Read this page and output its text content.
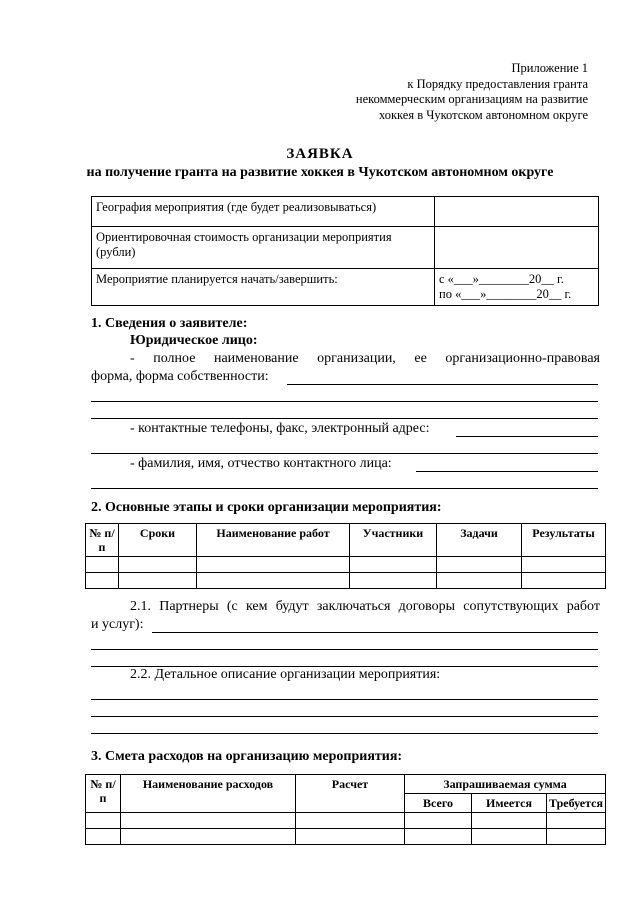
Приложение 1
к Порядку предоставления гранта
некоммерческим организациям на развитие
хоккея в Чукотском автономном округе
ЗАЯВКА
на получение гранта на развитие хоккея в Чукотском автономном округе
География мероприятия (где будет реализовываться)	
Ориентировочная стоимость организации мероприятия (рубли)	
Мероприятие планируется начать/завершить:	с «___»________20__ г.
по «___»________20__ г.
1. Сведения о заявителе:
Юридическое лицо:
- полное наименование организации, ее организационно-правовая
форма, форма собственности:
- контактные телефоны, факс, электронный адрес:
- фамилия, имя, отчество контактного лица:
2. Основные этапы и сроки организации мероприятия:
№ п/п	Сроки	Наименование работ	Участники	Задачи	Результаты

2.1. Партнеры (с кем будут заключаться договоры сопутствующих работ
и услуг):
2.2. Детальное описание организации мероприятия:
3. Смета расходов на организацию мероприятия:
№ п/п	Наименование расходов	Расчет	Запрашиваемая сумма		
			Всего	Имеется	Требуется
